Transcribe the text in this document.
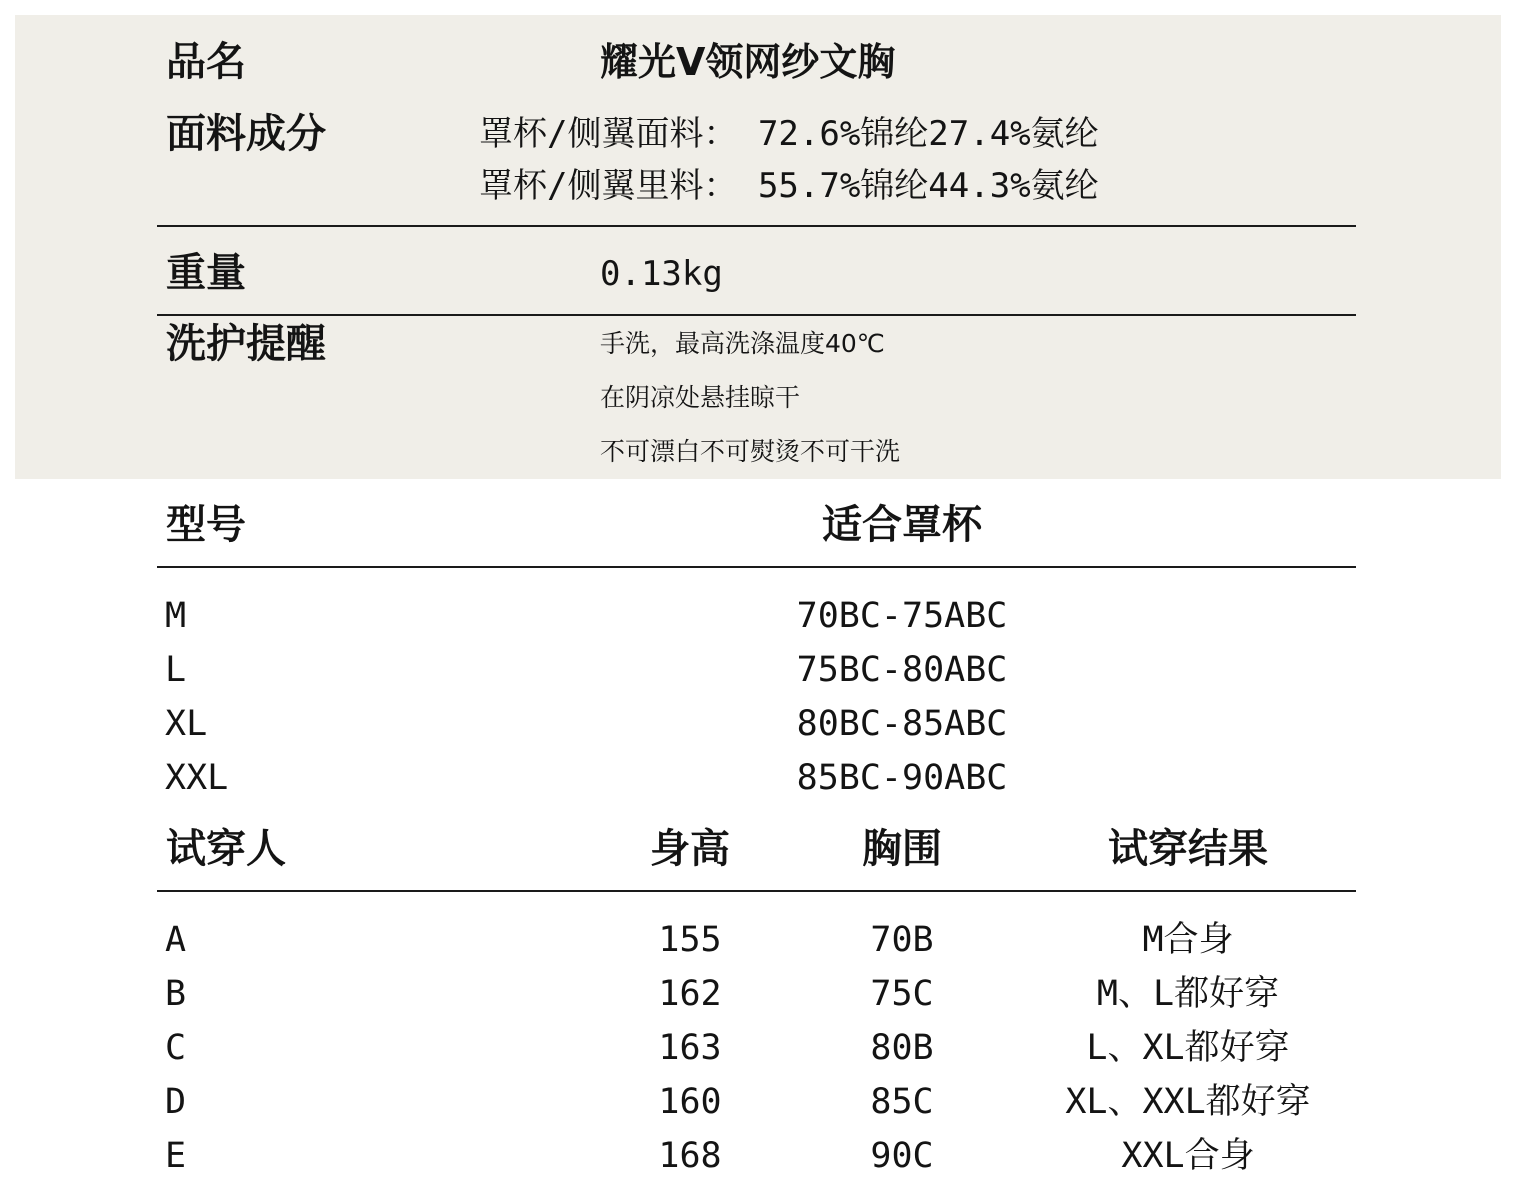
品名	耀光V领网纱文胸
面料成分	罩杯/侧翼面料： 72.6%锦纶27.4%氨纶
罩杯/侧翼里料： 55.7%锦纶44.3%氨纶
重量	0.13kg
洗护提醒	手洗，最高洗涤温度40℃
在阴凉处悬挂晾干
不可漂白不可熨烫不可干洗
型号	适合罩杯
M	70BC-75ABC
L	75BC-80ABC
XL	80BC-85ABC
XXL	85BC-90ABC
试穿人	身高	胸围	试穿结果
A	155	70B	M合身
B	162	75C	M、L都好穿
C	163	80B	L、XL都好穿
D	160	85C	XL、XXL都好穿
E	168	90C	XXL合身
